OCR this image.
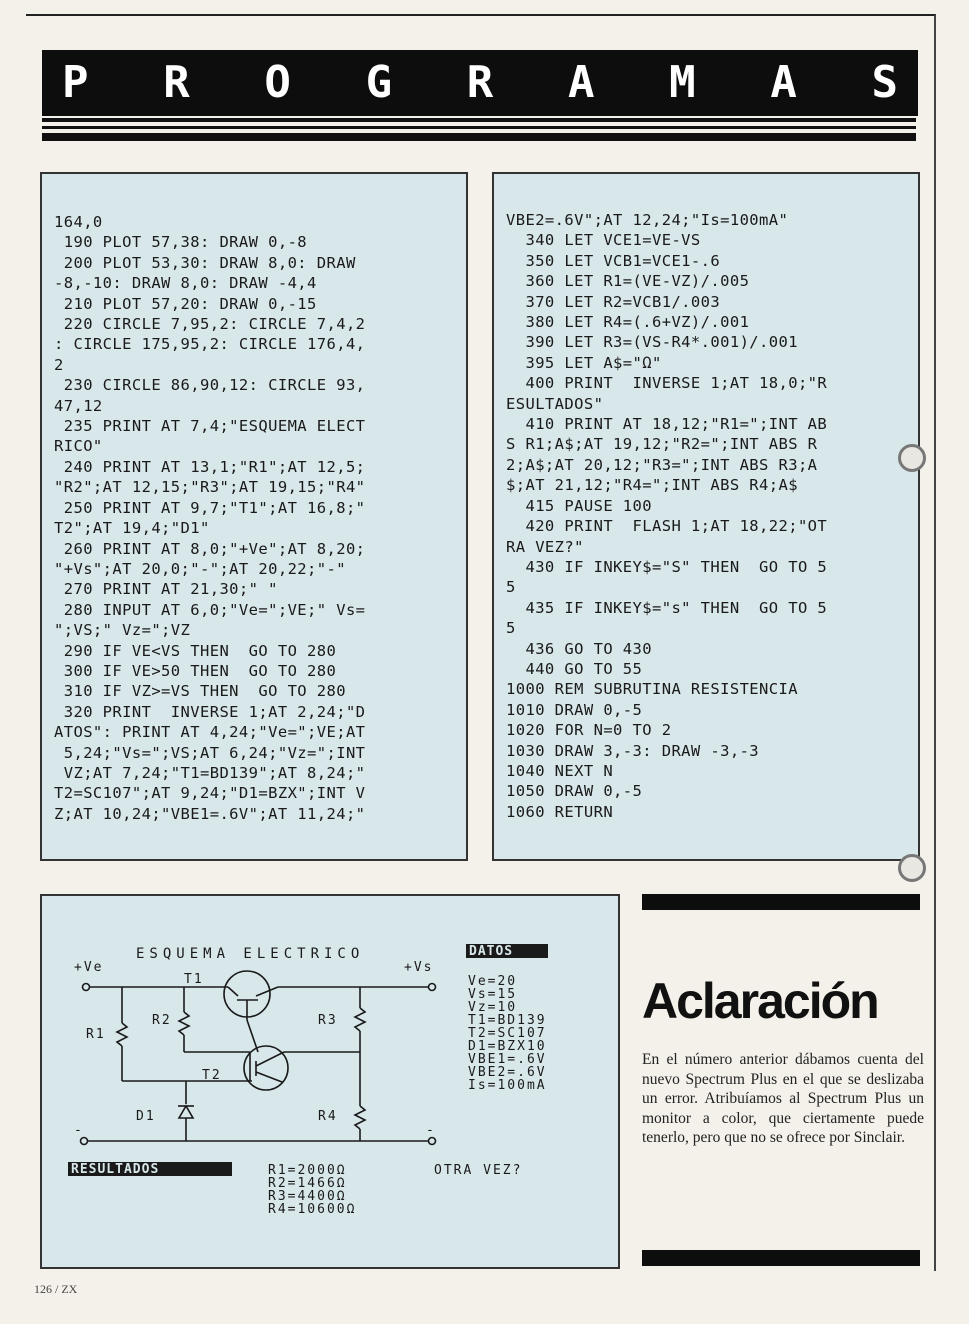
P R O G R A M A S
164,0
190 PLOT 57,38: DRAW 0,-8
200 PLOT 53,30: DRAW 8,0: DRAW
-8,-10: DRAW 8,0: DRAW -4,4
210 PLOT 57,20: DRAW 0,-15
220 CIRCLE 7,95,2: CIRCLE 7,4,2
: CIRCLE 175,95,2: CIRCLE 176,4,
2
230 CIRCLE 86,90,12: CIRCLE 93,
47,12
235 PRINT AT 7,4;"ESQUEMA ELECT
RICO"
240 PRINT AT 13,1;"R1";AT 12,5;
"R2";AT 12,15;"R3";AT 19,15;"R4"
250 PRINT AT 9,7;"T1";AT 16,8;"
T2";AT 19,4;"D1"
260 PRINT AT 8,0;"+Ve";AT 8,20;
"+Vs";AT 20,0;"-";AT 20,22;"-"
270 PRINT AT 21,30;" "
280 INPUT AT 6,0;"Ve=";VE;" Vs=
";VS;" Vz=";VZ
290 IF VE<VS THEN  GO TO 280
300 IF VE>50 THEN  GO TO 280
310 IF VZ>=VS THEN  GO TO 280
320 PRINT  INVERSE 1;AT 2,24;"D
ATOS": PRINT AT 4,24;"Ve=";VE;AT
5,24;"Vs=";VS;AT 6,24;"Vz=";INT
VZ;AT 7,24;"T1=BD139";AT 8,24;"
T2=SC107";AT 9,24;"D1=BZX";INT V
Z;AT 10,24;"VBE1=.6V";AT 11,24;"
VBE2=.6V";AT 12,24;"Is=100mA"
340 LET VCE1=VE-VS
350 LET VCB1=VCE1-.6
360 LET R1=(VE-VZ)/.005
370 LET R2=VCB1/.003
380 LET R4=(.6+VZ)/.001
390 LET R3=(VS-R4*.001)/.001
395 LET A$="Ω"
400 PRINT  INVERSE 1;AT 18,0;"R
ESULTADOS"
410 PRINT AT 18,12;"R1=";INT AB
S R1;A$;AT 19,12;"R2=";INT ABS R
2;A$;AT 20,12;"R3=";INT ABS R3;A
$;AT 21,12;"R4=";INT ABS R4;A$
415 PAUSE 100
420 PRINT  FLASH 1;AT 18,22;"OT
RA VEZ?"
430 IF INKEY$="S" THEN  GO TO 5
5
435 IF INKEY$="s" THEN  GO TO 5
5
436 GO TO 430
440 GO TO 55
1000 REM SUBRUTINA RESISTENCIA
1010 DRAW 0,-5
1020 FOR N=0 TO 2
1030 DRAW 3,-3: DRAW -3,-3
1040 NEXT N
1050 DRAW 0,-5
1060 RETURN
ESQUEMA ELECTRICO
+Ve	+Vs
-	-
T1
T2
R1
R2	R3
R4
D1
DATOS
Ve=20
Vs=15
Vz=10
T1=BD139
T2=SC107
D1=BZX10
VBE1=.6V
VBE2=.6V
Is=100mA
RESULTADOS	R1=2000Ω
R2=1466Ω
R3=4400Ω
R4=10600Ω
OTRA VEZ?
Aclaración

En el número anterior dábamos cuenta del nuevo Spectrum Plus en el que se deslizaba un error. Atribuíamos al Spectrum Plus un monitor a color, que ciertamente puede tenerlo, pero que no se ofrece por Sinclair.

126 / ZX
